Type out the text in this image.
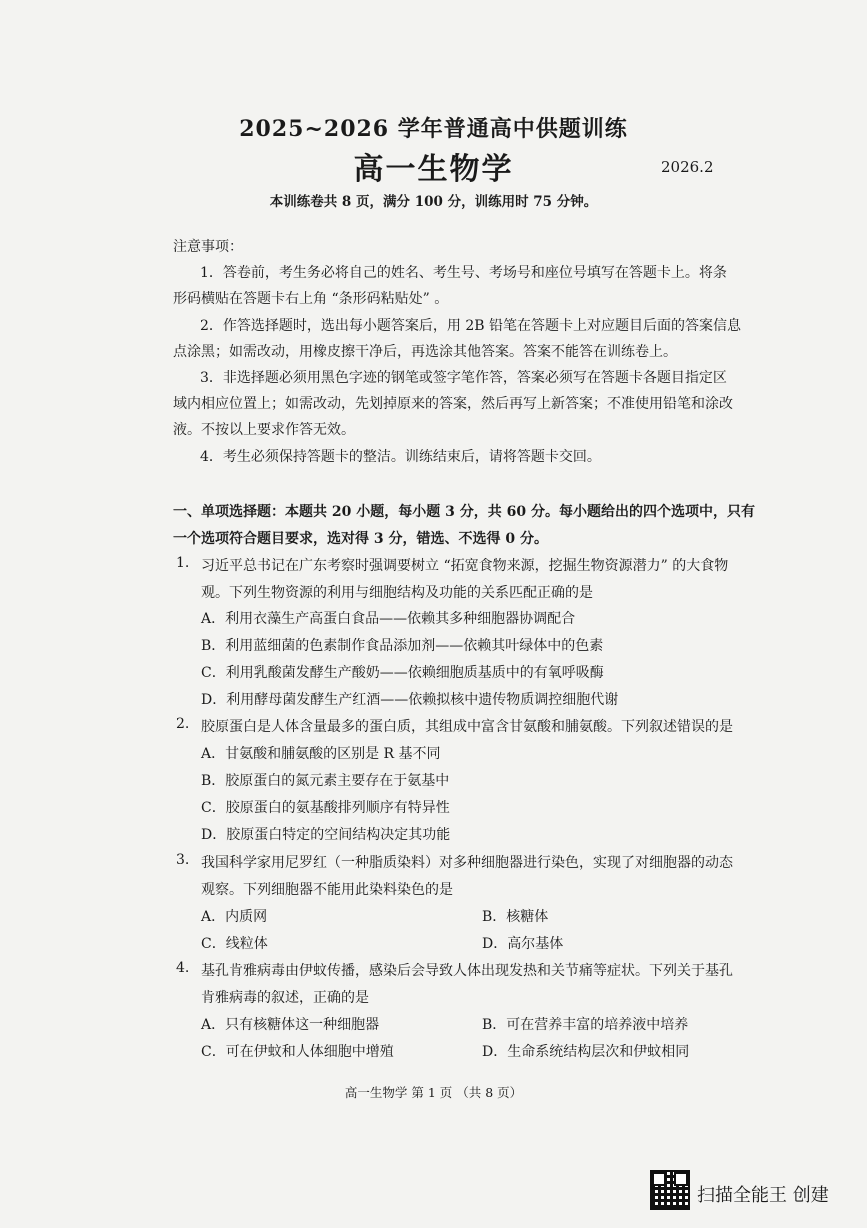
2025~2026 学年普通高中供题训练
高一生物学	2026.2
本训练卷共 8 页，满分 100 分，训练用时 75 分钟。
注意事项：
1．答卷前，考生务必将自己的姓名、考生号、考场号和座位号填写在答题卡上。将条
形码横贴在答题卡右上角 “条形码粘贴处” 。
2．作答选择题时，选出每小题答案后，用 2B 铅笔在答题卡上对应题目后面的答案信息
点涂黑；如需改动，用橡皮擦干净后，再选涂其他答案。答案不能答在训练卷上。
3．非选择题必须用黑色字迹的钢笔或签字笔作答，答案必须写在答题卡各题目指定区
域内相应位置上；如需改动，先划掉原来的答案，然后再写上新答案；不准使用铅笔和涂改
液。不按以上要求作答无效。
4．考生必须保持答题卡的整洁。训练结束后，请将答题卡交回。
一、单项选择题：本题共 20 小题，每小题 3 分，共 60 分。每小题给出的四个选项中，只有
一个选项符合题目要求，选对得 3 分，错选、不选得 0 分。
1. 习近平总书记在广东考察时强调要树立 “拓宽食物来源，挖掘生物资源潜力” 的大食物
观。下列生物资源的利用与细胞结构及功能的关系匹配正确的是
A．利用衣藻生产高蛋白食品——依赖其多种细胞器协调配合
B．利用蓝细菌的色素制作食品添加剂——依赖其叶绿体中的色素
C．利用乳酸菌发酵生产酸奶——依赖细胞质基质中的有氧呼吸酶
D．利用酵母菌发酵生产红酒——依赖拟核中遗传物质调控细胞代谢
2. 胶原蛋白是人体含量最多的蛋白质，其组成中富含甘氨酸和脯氨酸。下列叙述错误的是
A．甘氨酸和脯氨酸的区别是 R 基不同
B．胶原蛋白的氮元素主要存在于氨基中
C．胶原蛋白的氨基酸排列顺序有特异性
D．胶原蛋白特定的空间结构决定其功能
3. 我国科学家用尼罗红（一种脂质染料）对多种细胞器进行染色，实现了对细胞器的动态
观察。下列细胞器不能用此染料染色的是
A．内质网	B．核糖体
C．线粒体	D．高尔基体
4. 基孔肯雅病毒由伊蚊传播，感染后会导致人体出现发热和关节痛等症状。下列关于基孔
肯雅病毒的叙述，正确的是
A．只有核糖体这一种细胞器	B．可在营养丰富的培养液中培养
C．可在伊蚊和人体细胞中增殖	D．生命系统结构层次和伊蚊相同
高一生物学 第 1 页 （共 8 页）
扫描全能王 创建
